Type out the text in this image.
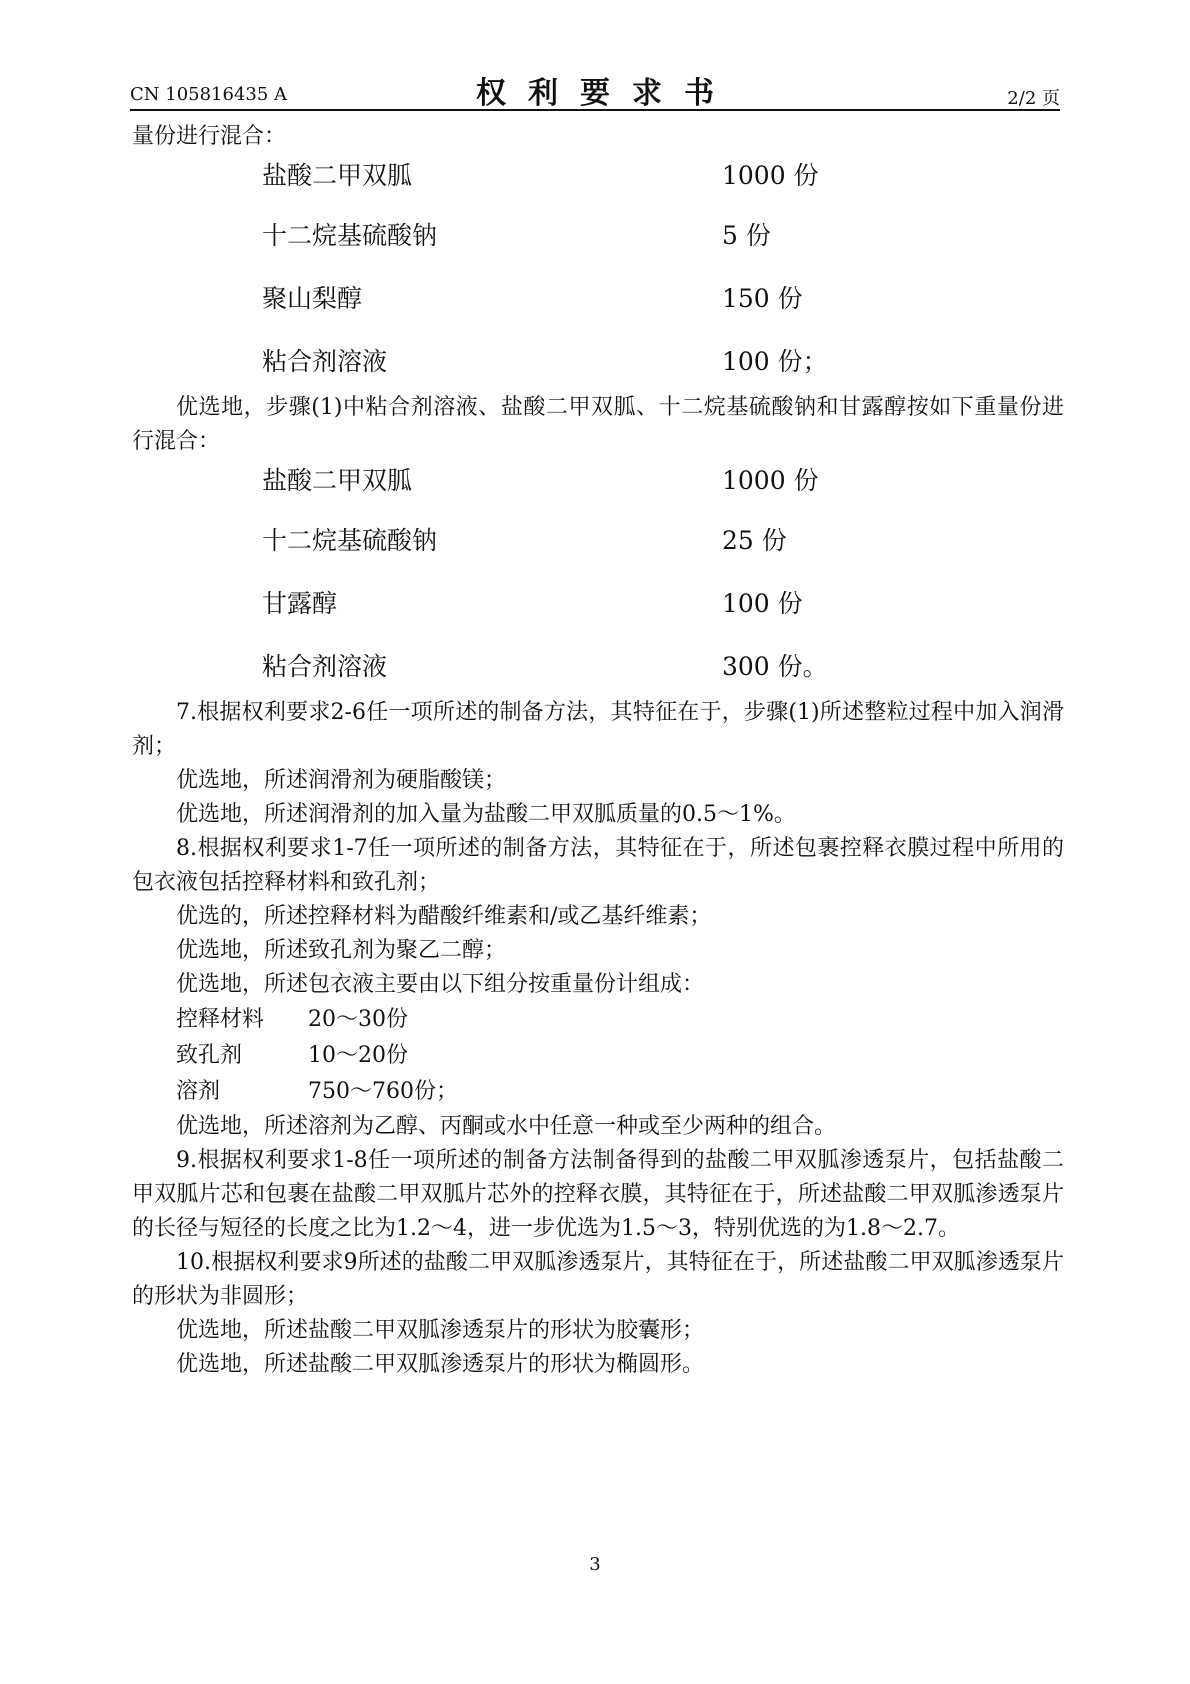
CN 105816435 A	权利要求书	2/2 页

量份进行混合：

盐酸二甲双胍	1000 份
十二烷基硫酸钠	5 份
聚山梨醇	150 份
粘合剂溶液	100 份；

优选地，步骤(1)中粘合剂溶液、盐酸二甲双胍、十二烷基硫酸钠和甘露醇按如下重量份进行混合：

盐酸二甲双胍	1000 份
十二烷基硫酸钠	25 份
甘露醇	100 份
粘合剂溶液	300 份。

7.根据权利要求2-6任一项所述的制备方法，其特征在于，步骤(1)所述整粒过程中加入润滑剂；

优选地，所述润滑剂为硬脂酸镁；

优选地，所述润滑剂的加入量为盐酸二甲双胍质量的0.5～1%。

8.根据权利要求1-7任一项所述的制备方法，其特征在于，所述包裹控释衣膜过程中所用的包衣液包括控释材料和致孔剂；

优选的，所述控释材料为醋酸纤维素和/或乙基纤维素；

优选地，所述致孔剂为聚乙二醇；

优选地，所述包衣液主要由以下组分按重量份计组成：

控释材料	20～30份
致孔剂	10～20份
溶剂	750～760份；

优选地，所述溶剂为乙醇、丙酮或水中任意一种或至少两种的组合。

9.根据权利要求1-8任一项所述的制备方法制备得到的盐酸二甲双胍渗透泵片，包括盐酸二甲双胍片芯和包裹在盐酸二甲双胍片芯外的控释衣膜，其特征在于，所述盐酸二甲双胍渗透泵片的长径与短径的长度之比为1.2～4，进一步优选为1.5～3，特别优选的为1.8～2.7。

10.根据权利要求9所述的盐酸二甲双胍渗透泵片，其特征在于，所述盐酸二甲双胍渗透泵片的形状为非圆形；

优选地，所述盐酸二甲双胍渗透泵片的形状为胶囊形；

优选地，所述盐酸二甲双胍渗透泵片的形状为椭圆形。

3
